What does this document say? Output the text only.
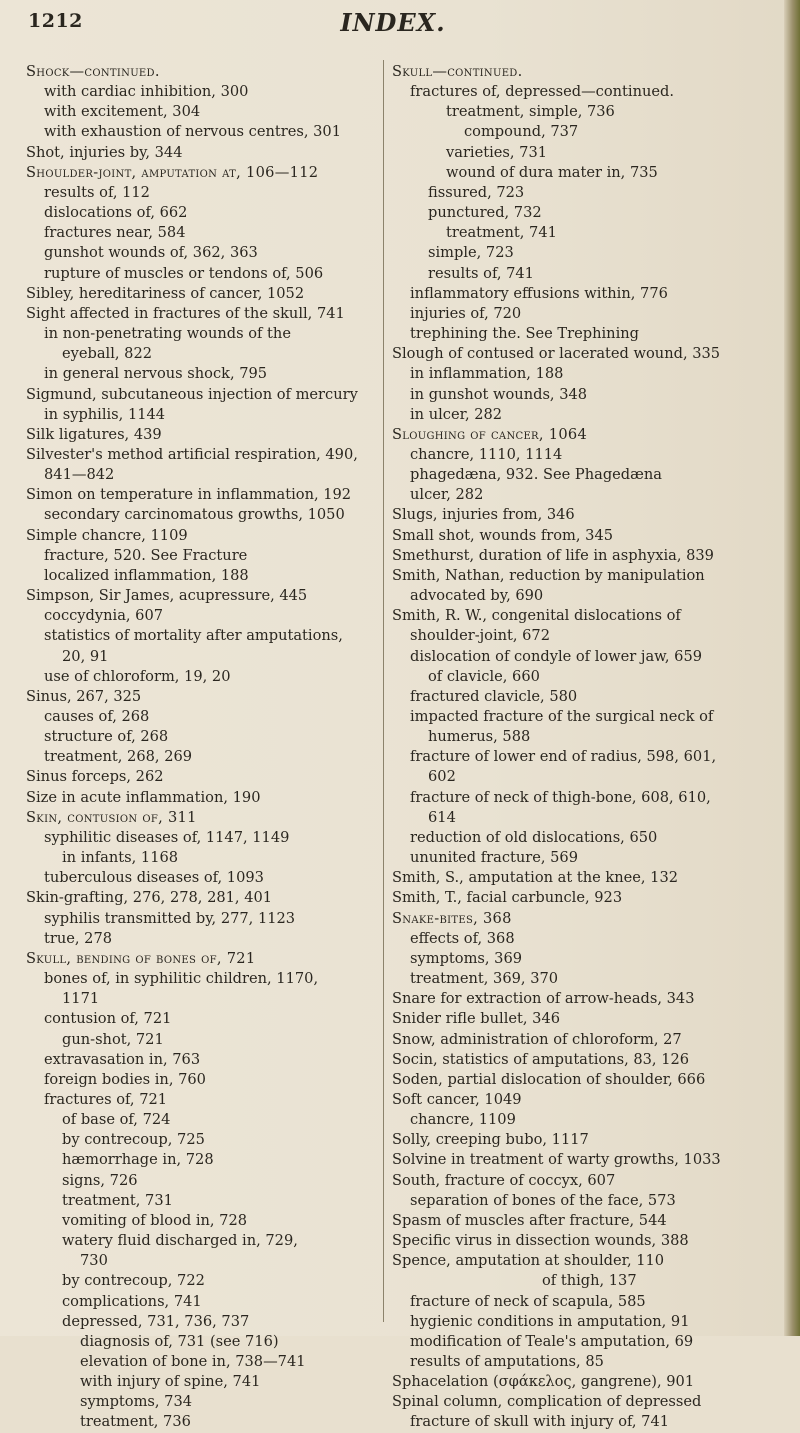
1212	INDEX.
Shock—continued.
with cardiac inhibition, 300
with excitement, 304
with exhaustion of nervous centres, 301
Shot, injuries by, 344
Shoulder-joint, amputation at, 106—112
results of, 112
dislocations of, 662
fractures near, 584
gunshot wounds of, 362, 363
rupture of muscles or tendons of, 506
Sibley, hereditariness of cancer, 1052
Sight affected in fractures of the skull, 741
in non-penetrating wounds of the
eyeball, 822
in general nervous shock, 795
Sigmund, subcutaneous injection of mercury
in syphilis, 1144
Silk ligatures, 439
Silvester's method artificial respiration, 490,
841—842
Simon on temperature in inflammation, 192
secondary carcinomatous growths, 1050
Simple chancre, 1109
fracture, 520. See Fracture
localized inflammation, 188
Simpson, Sir James, acupressure, 445
coccydynia, 607
statistics of mortality after amputations,
20, 91
use of chloroform, 19, 20
Sinus, 267, 325
causes of, 268
structure of, 268
treatment, 268, 269
Sinus forceps, 262
Size in acute inflammation, 190
Skin, contusion of, 311
syphilitic diseases of, 1147, 1149
in infants, 1168
tuberculous diseases of, 1093
Skin-grafting, 276, 278, 281, 401
syphilis transmitted by, 277, 1123
true, 278
Skull, bending of bones of, 721
bones of, in syphilitic children, 1170,
1171
contusion of, 721
gun-shot, 721
extravasation in, 763
foreign bodies in, 760
fractures of, 721
of base of, 724
by contrecoup, 725
hæmorrhage in, 728
signs, 726
treatment, 731
vomiting of blood in, 728
watery fluid discharged in, 729,
730
by contrecoup, 722
complications, 741
depressed, 731, 736, 737
diagnosis of, 731 (see 716)
elevation of bone in, 738—741
with injury of spine, 741
symptoms, 734
treatment, 736
Skull—continued.
fractures of, depressed—continued.
treatment, simple, 736
compound, 737
varieties, 731
wound of dura mater in, 735
fissured, 723
punctured, 732
treatment, 741
simple, 723
results of, 741
inflammatory effusions within, 776
injuries of, 720
trephining the. See Trephining
Slough of contused or lacerated wound, 335
in inflammation, 188
in gunshot wounds, 348
in ulcer, 282
Sloughing of cancer, 1064
chancre, 1110, 1114
phagedæna, 932. See Phagedæna
ulcer, 282
Slugs, injuries from, 346
Small shot, wounds from, 345
Smethurst, duration of life in asphyxia, 839
Smith, Nathan, reduction by manipulation
advocated by, 690
Smith, R. W., congenital dislocations of
shoulder-joint, 672
dislocation of condyle of lower jaw, 659
of clavicle, 660
fractured clavicle, 580
impacted fracture of the surgical neck of
humerus, 588
fracture of lower end of radius, 598, 601,
602
fracture of neck of thigh-bone, 608, 610,
614
reduction of old dislocations, 650
ununited fracture, 569
Smith, S., amputation at the knee, 132
Smith, T., facial carbuncle, 923
Snake-bites, 368
effects of, 368
symptoms, 369
treatment, 369, 370
Snare for extraction of arrow-heads, 343
Snider rifle bullet, 346
Snow, administration of chloroform, 27
Socin, statistics of amputations, 83, 126
Soden, partial dislocation of shoulder, 666
Soft cancer, 1049
chancre, 1109
Solly, creeping bubo, 1117
Solvine in treatment of warty growths, 1033
South, fracture of coccyx, 607
separation of bones of the face, 573
Spasm of muscles after fracture, 544
Specific virus in dissection wounds, 388
Spence, amputation at shoulder, 110
of thigh, 137
fracture of neck of scapula, 585
hygienic conditions in amputation, 91
modification of Teale's amputation, 69
results of amputations, 85
Sphacelation (σφάκελος, gangrene), 901
Spinal column, complication of depressed
fracture of skull with injury of, 741
